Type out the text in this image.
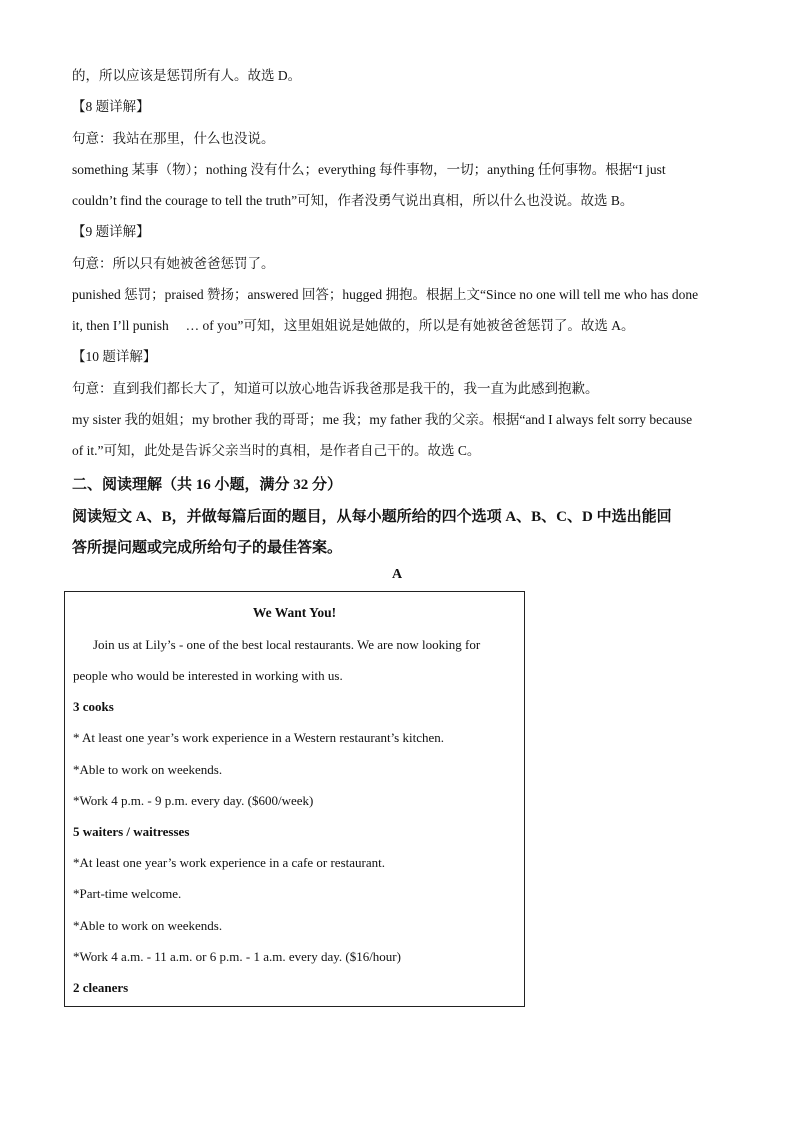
的，所以应该是惩罚所有人。故选 D。
【8 题详解】
句意：我站在那里，什么也没说。
something 某事（物）；nothing 没有什么；everything 每件事物，一切；anything 任何事物。根据“I just
couldn’t find the courage to tell the truth”可知，作者没勇气说出真相，所以什么也没说。故选 B。
【9 题详解】
句意：所以只有她被爸爸惩罚了。
punished 惩罚；praised 赞扬；answered 回答；hugged 拥抱。根据上文“Since no one will tell me who has done
it, then I’ll punish　 … of you”可知，这里姐姐说是她做的，所以是有她被爸爸惩罚了。故选 A。
【10 题详解】
句意：直到我们都长大了，知道可以放心地告诉我爸那是我干的，我一直为此感到抱歉。
my sister 我的姐姐；my brother 我的哥哥；me 我；my father 我的父亲。根据“and I always felt sorry because
of it.”可知，此处是告诉父亲当时的真相，是作者自己干的。故选 C。
二、阅读理解（共 16 小题，满分 32 分）
阅读短文 A、B，并做每篇后面的题目，从每小题所给的四个选项 A、B、C、D 中选出能回
答所提问题或完成所给句子的最佳答案。
A
We Want You!
Join us at Lily’s - one of the best local restaurants. We are now looking for
people who would be interested in working with us.
3 cooks
* At least one year’s work experience in a Western restaurant’s kitchen.
*Able to work on weekends.
*Work 4 p.m. - 9 p.m. every day. ($600/week)
5 waiters / waitresses
*At least one year’s work experience in a cafe or restaurant.
*Part-time welcome.
*Able to work on weekends.
*Work 4 a.m. - 11 a.m. or 6 p.m. - 1 a.m. every day. ($16/hour)
2 cleaners
